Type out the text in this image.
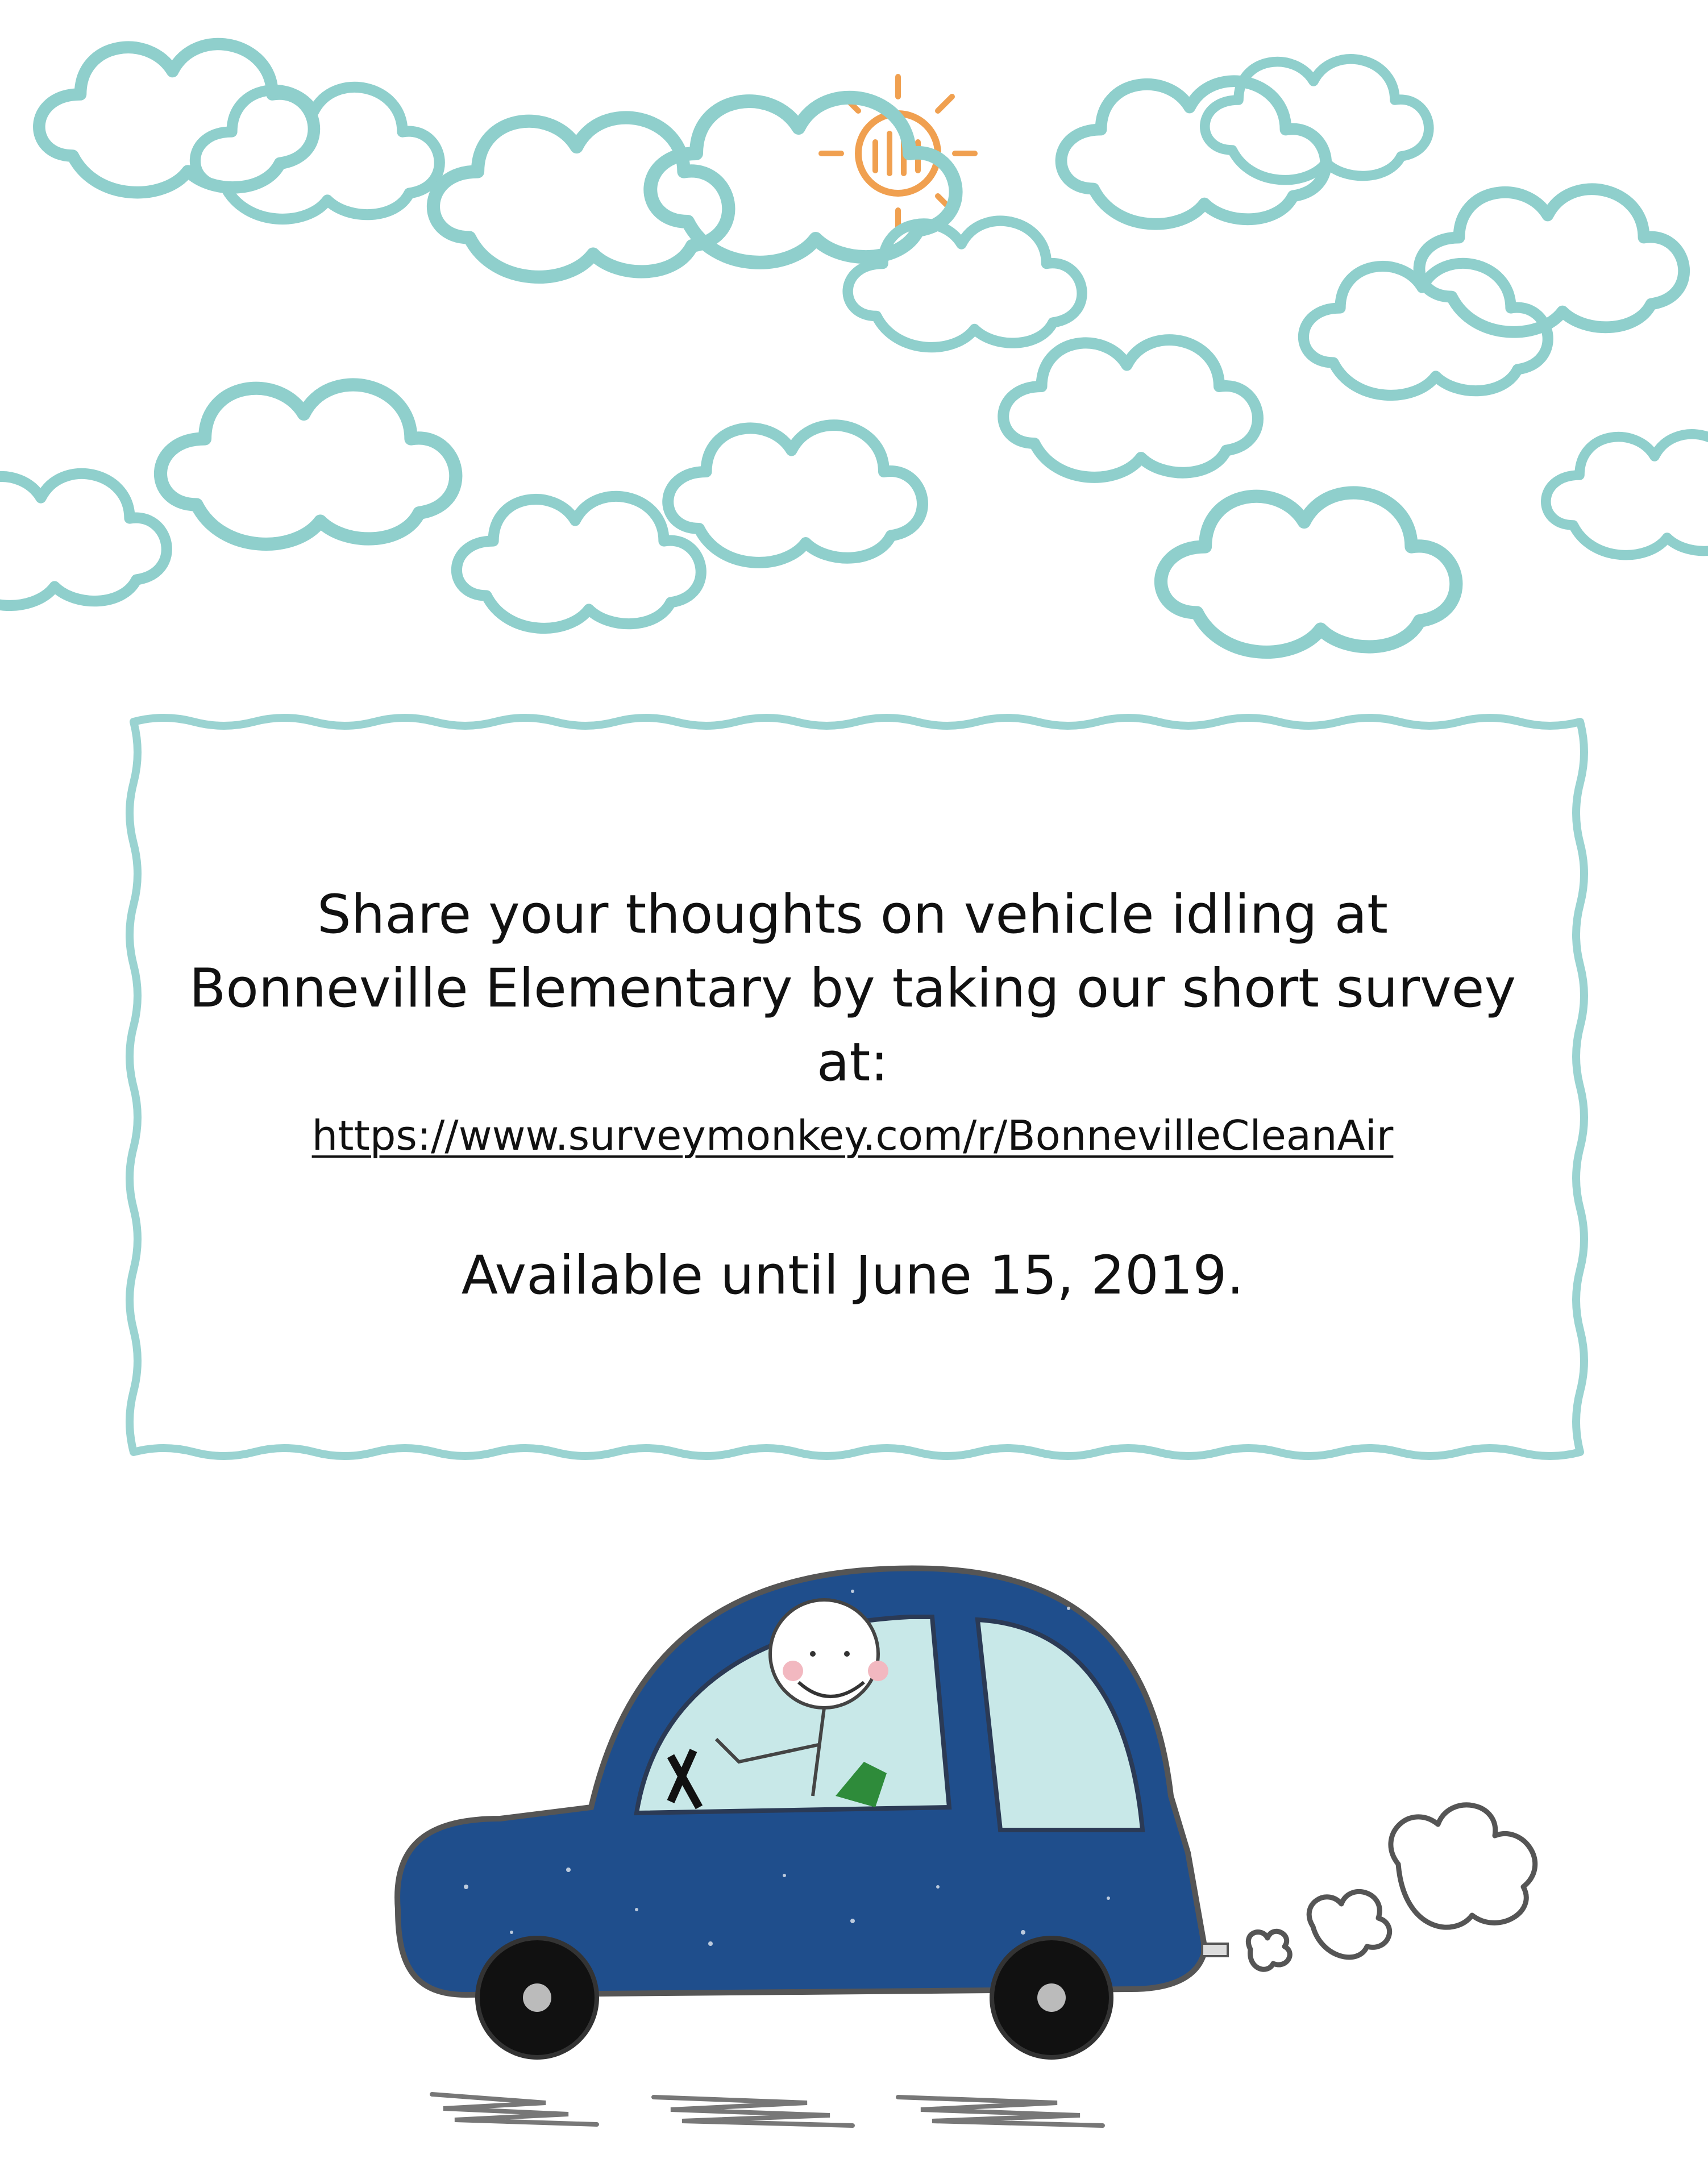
Share your thoughts on vehicle idling at Bonneville Elementary by taking our short survey at:

https://www.surveymonkey.com/r/BonnevilleCleanAir

Available until June 15, 2019.
